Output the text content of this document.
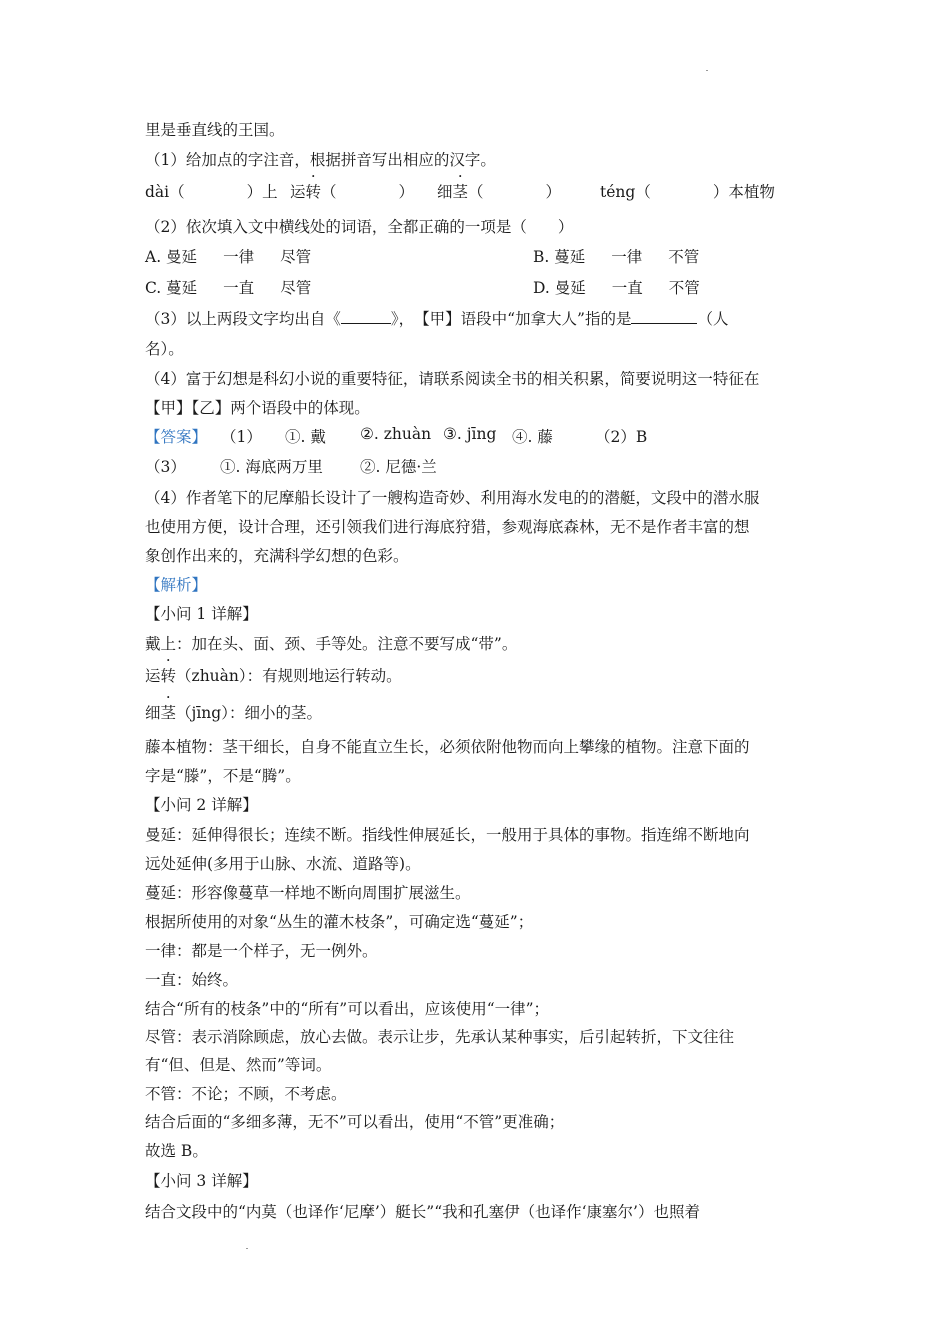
里是垂直线的王国。
（1）给加点的字注音，根据拼音写出相应的汉字。
dài（　　　　）上 运转（　　　　） 细茎（　　　　）	téng（　　　　）本植物
（2）依次填入文中横线处的词语，全都正确的一项是（　　）
A. 曼延 一律 尽管	B. 蔓延 一律 不管
C. 蔓延 一直 尽管	D. 曼延 一直 不管
（3）以上两段文字均出自《	》，　【甲】语段中“加拿大人”指的是	（人
名）。
（4）富于幻想是科幻小说的重要特征，请联系阅读全书的相关积累，简要说明这一特征在
【甲】【乙】两个语段中的体现。
【答案】 （1） ①. 戴 ②. zhuàn ③. jīng ④. 藤	（2）B
（3） ①. 海底两万里 ②. 尼德·兰
（4）作者笔下的尼摩船长设计了一艘构造奇妙、利用海水发电的的潜艇，文段中的潜水服
也使用方便，设计合理，还引领我们进行海底狩猎，参观海底森林，无不是作者丰富的想
象创作出来的，充满科学幻想的色彩。
【解析】
【小问 1 详解】
戴上：加在头、面、颈、手等处。注意不要写成“带”。
运转（zhuàn）：有规则地运行转动。
细茎（jīng）：细小的茎。
藤本植物：茎干细长，自身不能直立生长，必须依附他物而向上攀缘的植物。注意下面的
字是“滕”，不是“腾”。
【小问 2 详解】
曼延：延伸得很长；连续不断。指线性伸展延长，一般用于具体的事物。指连绵不断地向
远处延伸(多用于山脉、水流、道路等)。
蔓延：形容像蔓草一样地不断向周围扩展滋生。
根据所使用的对象“丛生的灌木枝条”，可确定选“蔓延”；
一律：都是一个样子，无一例外。
一直：始终。
结合“所有的枝条”中的“所有”可以看出，应该使用“一律”；
尽管：表示消除顾虑，放心去做。表示让步，先承认某种事实，后引起转折，下文往往
有“但、但是、然而”等词。
不管：不论；不顾，不考虑。
结合后面的“多细多薄，无不”可以看出，使用“不管”更准确；
故选 B。
【小问 3 详解】
结合文段中的“内莫（也译作‘尼摩’）艇长”“我和孔塞伊（也译作‘康塞尔’）也照着
